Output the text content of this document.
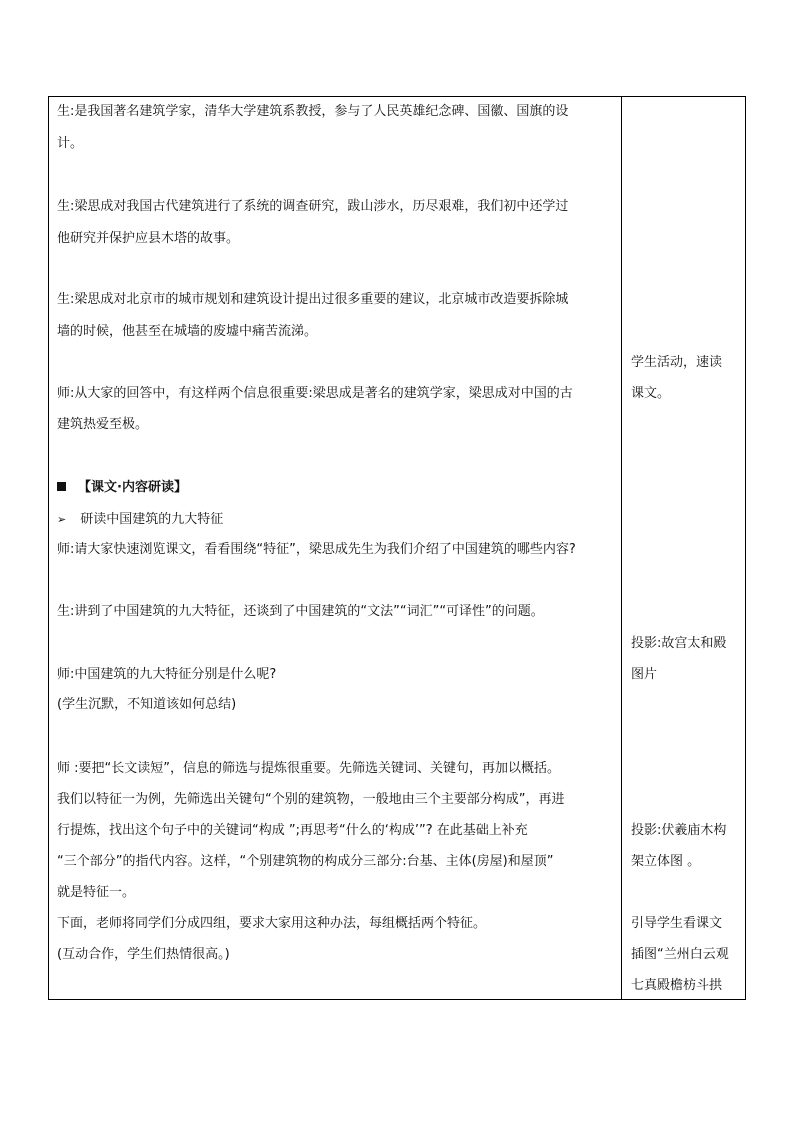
生:是我国著名建筑学家，清华大学建筑系教授，参与了人民英雄纪念碑、国徽、国旗的设
计。
生:梁思成对我国古代建筑进行了系统的调查研究，跋山涉水，历尽艰难，我们初中还学过
他研究并保护应县木塔的故事。
生:梁思成对北京市的城市规划和建筑设计提出过很多重要的建议，北京城市改造要拆除城
墙的时候，他甚至在城墙的废墟中痛苦流涕。
师:从大家的回答中，有这样两个信息很重要:梁思成是著名的建筑学家，梁思成对中国的古
建筑热爱至极。
【课文·内容研读】
➢ 研读中国建筑的九大特征
师:请大家快速浏览课文，看看围绕“特征”，梁思成先生为我们介绍了中国建筑的哪些内容?
生:讲到了中国建筑的九大特征，还谈到了中国建筑的“文法”“词汇”“可译性”的问题。
师:中国建筑的九大特征分别是什么呢?
(学生沉默，不知道该如何总结)
师 :要把“长文读短”，信息的筛选与提炼很重要。先筛选关键词、关键句，再加以概括。
我们以特征一为例，先筛选出关键句“个别的建筑物，一般地由三个主要部分构成”，再进
行提炼，找出这个句子中的关键词“构成 ”;再思考“什么的‘构成’”? 在此基础上补充
“三个部分”的指代内容。这样，“个别建筑物的构成分三部分:台基、主体(房屋)和屋顶”
就是特征一。
下面，老师将同学们分成四组，要求大家用这种办法，每组概括两个特征。
(互动合作，学生们热情很高。)
学生活动，速读
课文。
投影:故宫太和殿
图片
投影:伏羲庙木构
架立体图 。
引导学生看课文
插图“兰州白云观
七真殿檐枋斗拱
